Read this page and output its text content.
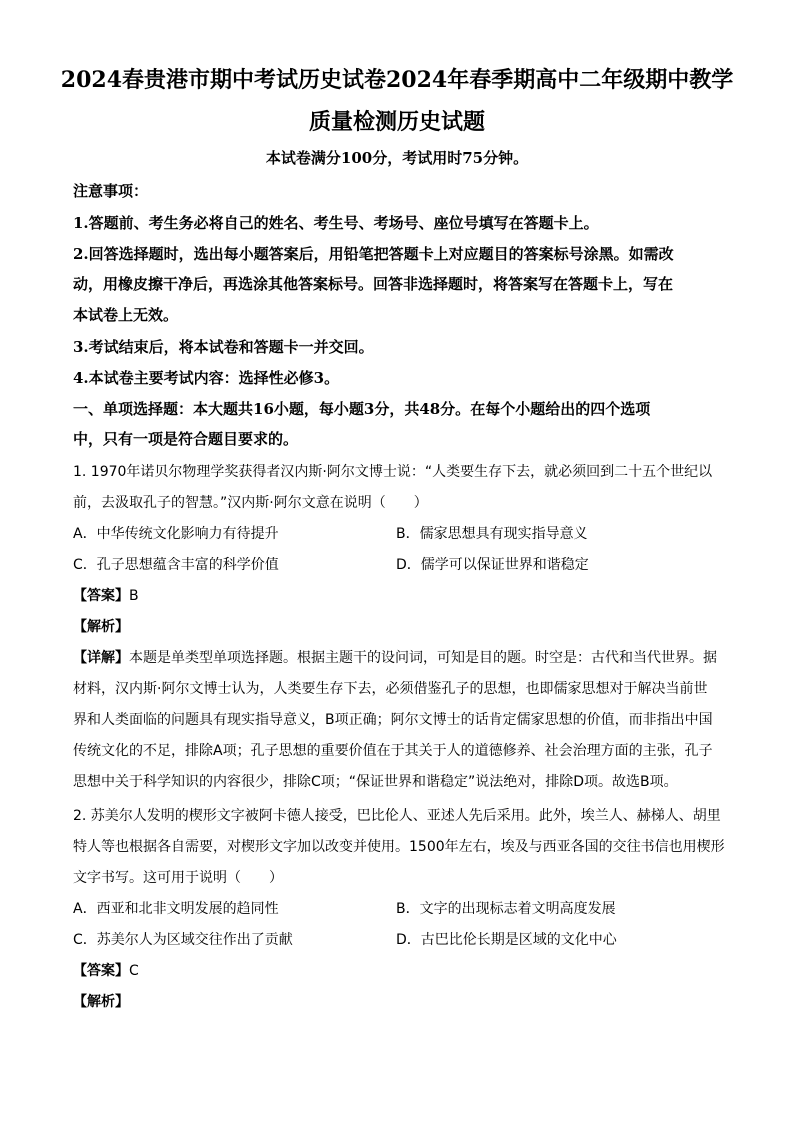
2024春贵港市期中考试历史试卷2024年春季期高中二年级期中教学
质量检测历史试题
本试卷满分100分，考试用时75分钟。
注意事项：
1.答题前、考生务必将自己的姓名、考生号、考场号、座位号填写在答题卡上。
2.回答选择题时，选出每小题答案后，用铅笔把答题卡上对应题目的答案标号涂黑。如需改
动，用橡皮擦干净后，再选涂其他答案标号。回答非选择题时，将答案写在答题卡上，写在
本试卷上无效。
3.考试结束后，将本试卷和答题卡一并交回。
4.本试卷主要考试内容：选择性必修3。
一、单项选择题：本大题共16小题，每小题3分，共48分。在每个小题给出的四个选项
中，只有一项是符合题目要求的。
1. 1970年诺贝尔物理学奖获得者汉内斯·阿尔文博士说：“人类要生存下去，就必须回到二十五个世纪以
前，去汲取孔子的智慧。”汉内斯·阿尔文意在说明（　　）
A．中华传统文化影响力有待提升	B．儒家思想具有现实指导意义
C．孔子思想蕴含丰富的科学价值	D．儒学可以保证世界和谐稳定
【答案】B
【解析】
【详解】本题是单类型单项选择题。根据主题干的设问词，可知是目的题。时空是：古代和当代世界。据
材料，汉内斯·阿尔文博士认为，人类要生存下去，必须借鉴孔子的思想，也即儒家思想对于解决当前世
界和人类面临的问题具有现实指导意义，B项正确；阿尔文博士的话肯定儒家思想的价值，而非指出中国
传统文化的不足，排除A项；孔子思想的重要价值在于其关于人的道德修养、社会治理方面的主张，孔子
思想中关于科学知识的内容很少，排除C项；“保证世界和谐稳定”说法绝对，排除D项。故选B项。
2. 苏美尔人发明的楔形文字被阿卡德人接受，巴比伦人、亚述人先后采用。此外，埃兰人、赫梯人、胡里
特人等也根据各自需要，对楔形文字加以改变并使用。1500年左右，埃及与西亚各国的交往书信也用楔形
文字书写。这可用于说明（　　）
A．西亚和北非文明发展的趋同性	B．文字的出现标志着文明高度发展
C．苏美尔人为区域交往作出了贡献	D．古巴比伦长期是区域的文化中心
【答案】C
【解析】
